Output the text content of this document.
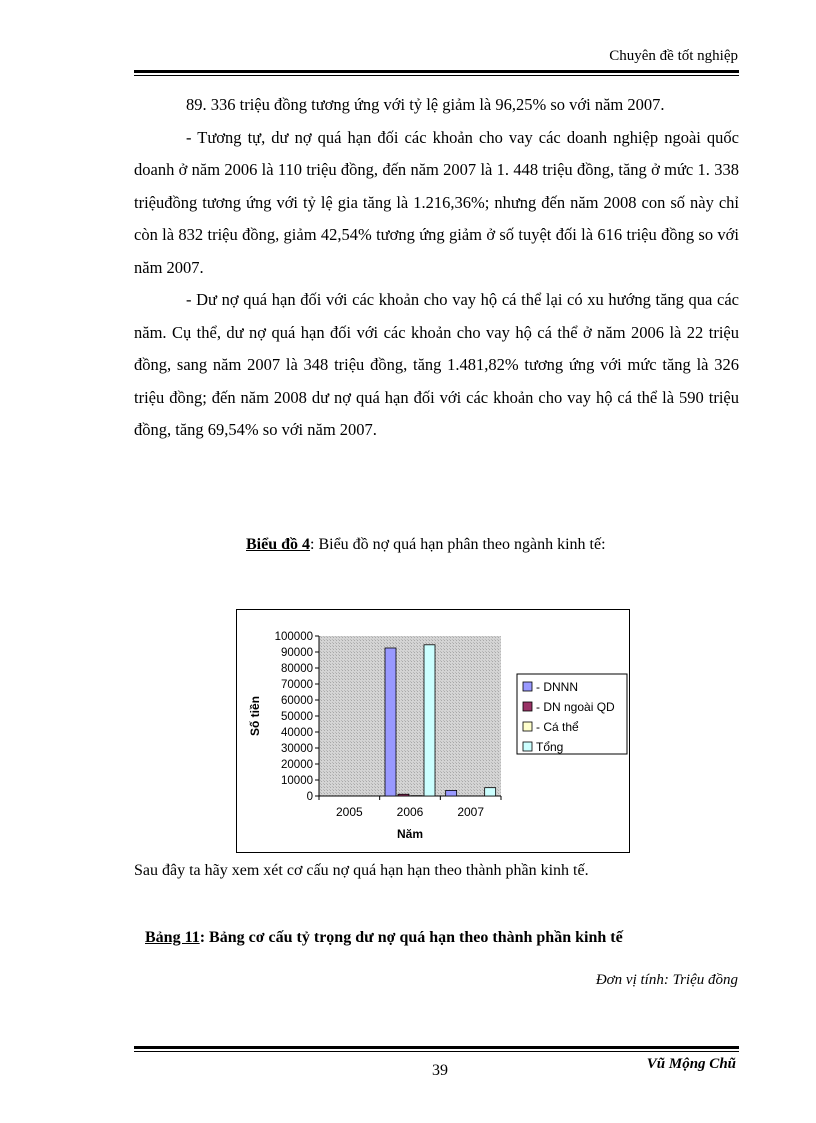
Chuyên đề tốt nghiệp

89. 336 triệu đồng tương ứng với tỷ lệ giảm là 96,25% so với năm 2007.

- Tương tự, dư nợ quá hạn đối các khoản cho vay các doanh nghiệp ngoài quốc doanh ở năm 2006 là 110 triệu đồng, đến năm 2007 là 1. 448 triệu đồng, tăng ở mức 1. 338 triệuđồng tương ứng với tỷ lệ gia tăng là 1.216,36%; nhưng đến năm 2008 con số này chỉ còn là 832 triệu đồng, giảm 42,54% tương ứng giảm ở số tuyệt đối là 616 triệu đồng so với năm 2007.

- Dư nợ quá hạn đối với các khoản cho vay hộ cá thể lại có xu hướng tăng qua các năm. Cụ thể, dư nợ quá hạn đối với các khoản cho vay hộ cá thể ở năm 2006 là 22 triệu đồng, sang năm 2007 là 348 triệu đồng, tăng 1.481,82% tương ứng với mức tăng là 326 triệu đồng; đến năm 2008 dư nợ quá hạn đối với các khoản cho vay hộ cá thể là 590 triệu đồng, tăng 69,54% so với năm 2007.

Biểu đồ 4: Biểu đồ nợ quá hạn phân theo ngành kinh tế:
0
10000
20000
30000
40000
50000
60000
70000
80000
90000
100000
2005	2006	2007
Năm
Số tiền
- DNNN
- DN ngoài QD
- Cá thể
Tổng
Sau đây ta hãy xem xét cơ cấu nợ quá hạn hạn theo thành phần kinh tế.
Bảng 11: Bảng cơ cấu tỷ trọng dư nợ quá hạn theo thành phần kinh tế
Đơn vị tính: Triệu đồng
39	Vũ Mộng Chũ
